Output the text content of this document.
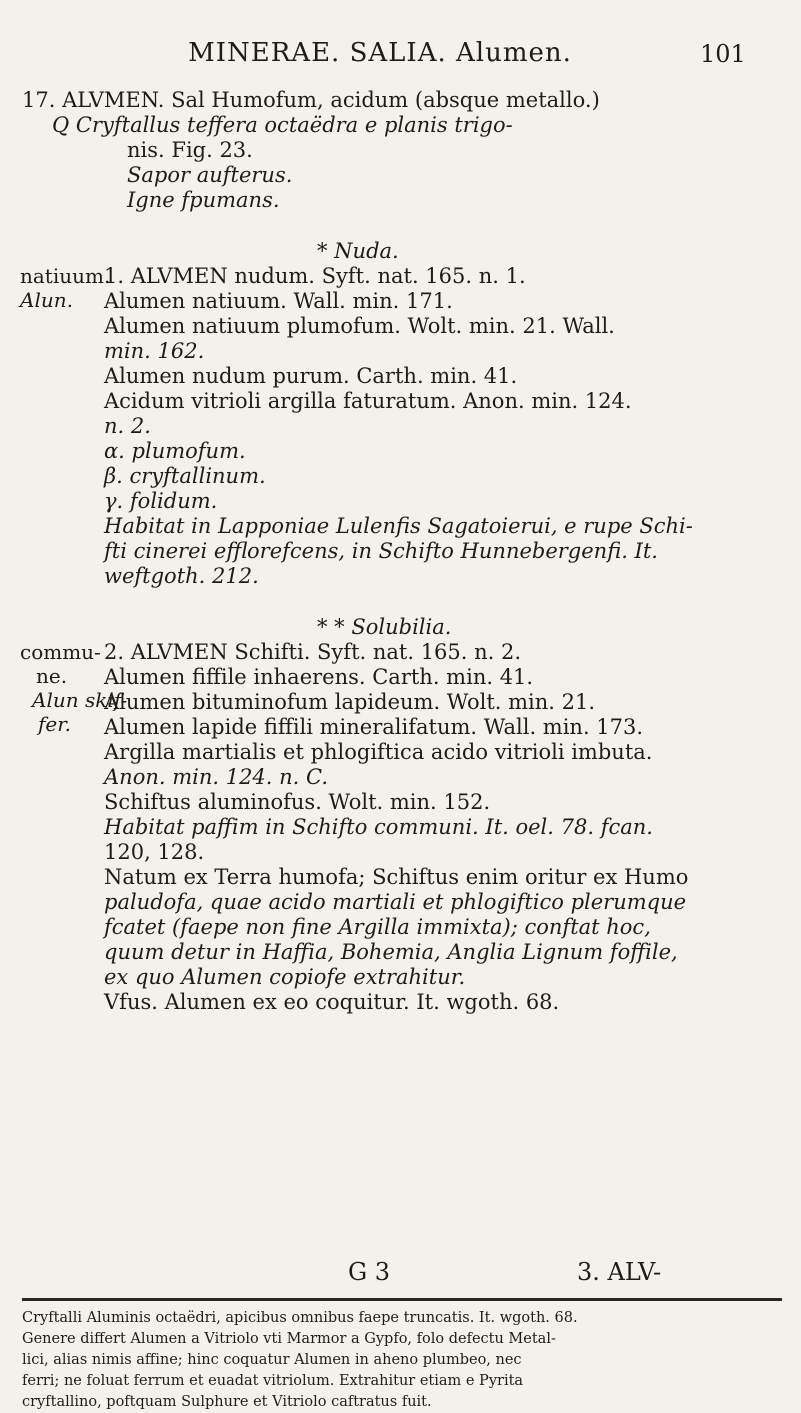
MINERAE. SALIA. Alumen.	101
17. ALVMEN. Sal Humofum, acidum (absque metallo.)
Q Cryftallus teffera octaëdra e planis trigo-
nis. Fig. 23.
Sapor aufterus.
Igne fpumans.
* Nuda.
natiuum.
Alun.
1. ALVMEN nudum. Syft. nat. 165. n. 1.
Alumen natiuum. Wall. min. 171.
Alumen natiuum plumofum. Wolt. min. 21. Wall.
min. 162.
Alumen nudum purum. Carth. min. 41.
Acidum vitrioli argilla faturatum. Anon. min. 124.
n. 2.
α. plumofum.
β. cryftallinum.
γ. folidum.
Habitat in Lapponiae Lulenfis Sagatoierui, e rupe Schi-
fti cinerei efflorefcens, in Schifto Hunnebergenfi. It.
weftgoth. 212.
* * Solubilia.
commu-
ne.
Alun skif-
fer.
2. ALVMEN Schifti. Syft. nat. 165. n. 2.
Alumen fiffile inhaerens. Carth. min. 41.
Alumen bituminofum lapideum. Wolt. min. 21.
Alumen lapide fiffili mineralifatum. Wall. min. 173.
Argilla martialis et phlogiftica acido vitrioli imbuta.
Anon. min. 124. n. C.
Schiftus aluminofus. Wolt. min. 152.
Habitat paffim in Schifto communi. It. oel. 78. fcan.
120, 128.
Natum ex Terra humofa; Schiftus enim oritur ex Humo
paludofa, quae acido martiali et phlogiftico plerumque
fcatet (faepe non fine Argilla immixta); conftat hoc,
quum detur in Haffia, Bohemia, Anglia Lignum foffile,
ex quo Alumen copiofe extrahitur.
Vfus. Alumen ex eo coquitur. It. wgoth. 68.
G 3	3. ALV-
Cryftalli Aluminis octaëdri, apicibus omnibus faepe truncatis. It. wgoth. 68.
Genere differt Alumen a Vitriolo vti Marmor a Gypfo, folo defectu Metal-
lici, alias nimis affine; hinc coquatur Alumen in aheno plumbeo, nec
ferri; ne foluat ferrum et euadat vitriolum. Extrahitur etiam e Pyrita
cryftallino, poftquam Sulphure et Vitriolo caftratus fuit.
